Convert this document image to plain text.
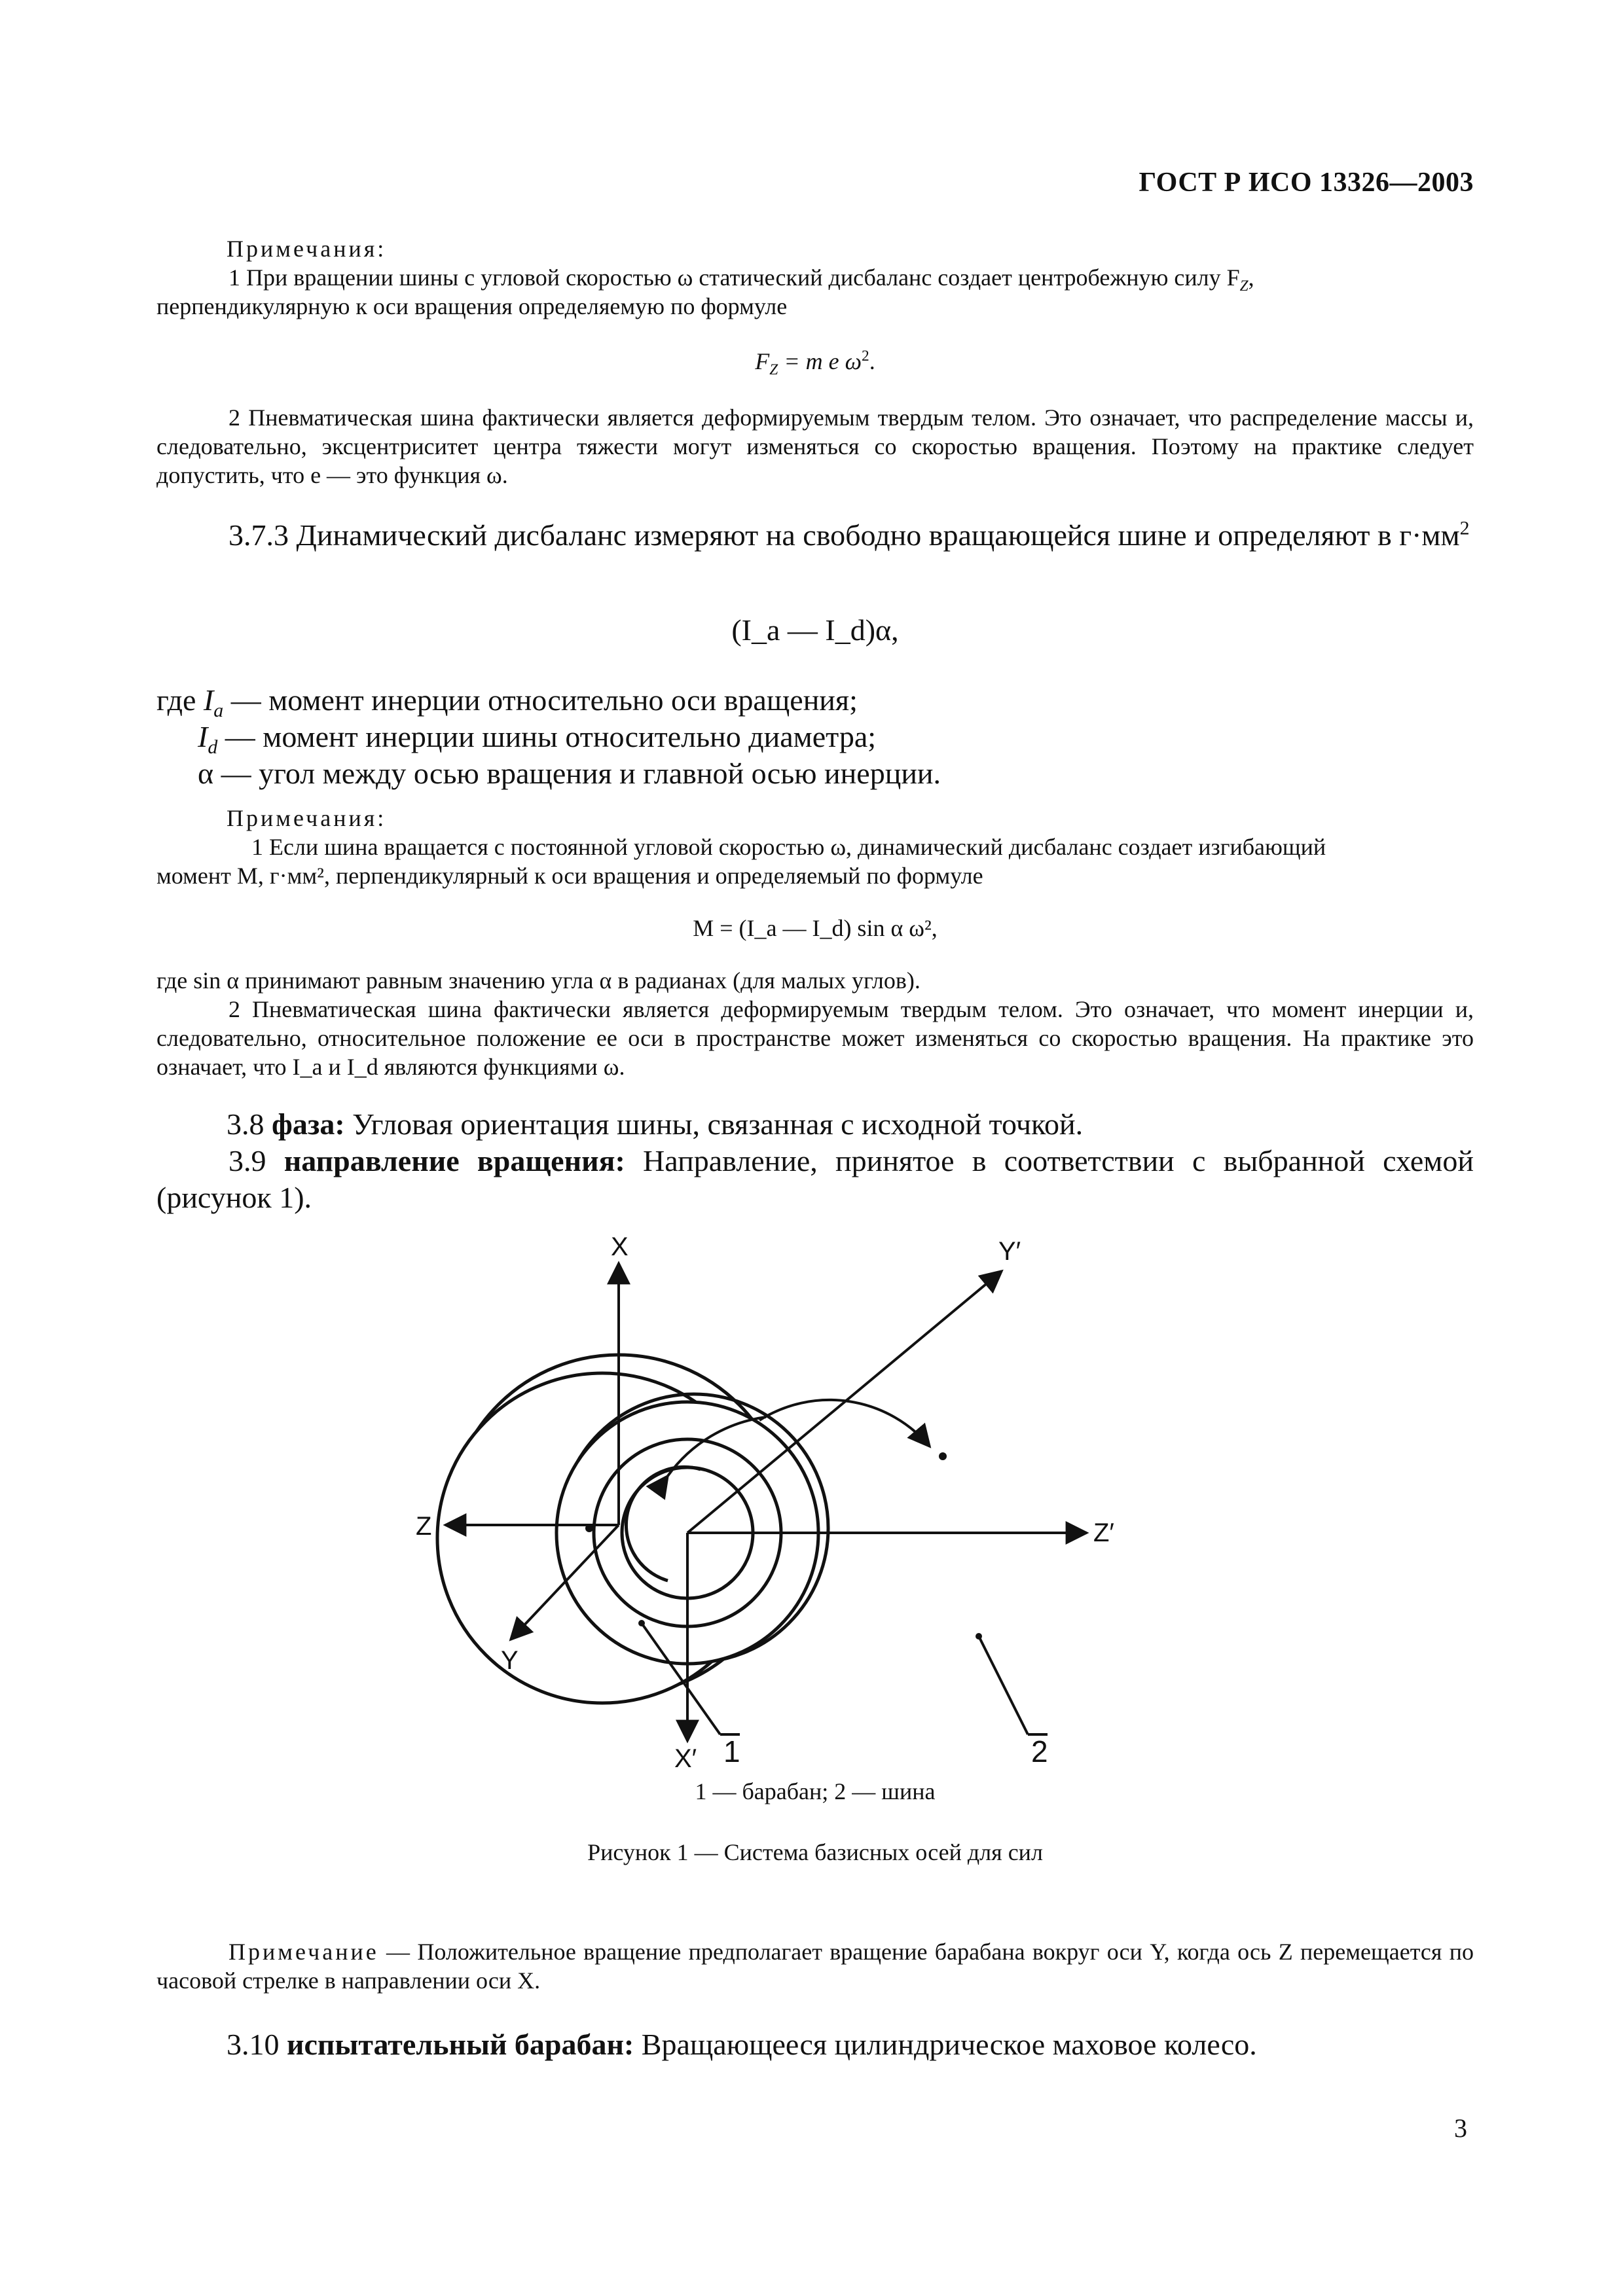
ГОСТ Р ИСО 13326—2003
Примечания:
1 При вращении шины с угловой скоростью ω статический дисбаланс создает центробежную силу $F_Z$,
перпендикулярную к оси вращения определяемую по формуле
$F_Z = m$ e $\omega^2$.
2 Пневматическая шина фактически является деформируемым твердым телом. Это означает, что распределение массы и, следовательно, эксцентриситет центра тяжести могут изменяться со скоростью вращения. Поэтому на практике следует допустить, что e — это функция ω.
3.7.3 Динамический дисбаланс измеряют на свободно вращающейся шине и определяют в $г\cdot мм^2$
(I_a — I_d)α,
где $I_a$ — момент инерции относительно оси вращения;
$I_d$ — момент инерции шины относительно диаметра;
α — угол между осью вращения и главной осью инерции.
Примечания:
1 Если шина вращается с постоянной угловой скоростью ω, динамический дисбаланс создает изгибающий
момент M, г·мм², перпендикулярный к оси вращения и определяемый по формуле
M = (I_a — I_d) sin α ω²,
где sin α принимают равным значению угла α в радианах (для малых углов).
2 Пневматическая шина фактически является деформируемым твердым телом. Это означает, что момент инерции и, следовательно, относительное положение ее оси в пространстве может изменяться со скоростью вращения. На практике это означает, что I_a и I_d являются функциями ω.
3.8 фаза: Угловая ориентация шины, связанная с исходной точкой.
3.9 направление вращения: Направление, принятое в соответствии с выбранной схемой (рисунок 1).
X
Z
Y
X′
Z′
Y′
1	2
1 — барабан; 2 — шина
Рисунок 1 — Система базисных осей для сил
Примечание — Положительное вращение предполагает вращение барабана вокруг оси Y, когда ось Z перемещается по часовой стрелке в направлении оси X.
3.10 испытательный барабан: Вращающееся цилиндрическое маховое колесо.
3
